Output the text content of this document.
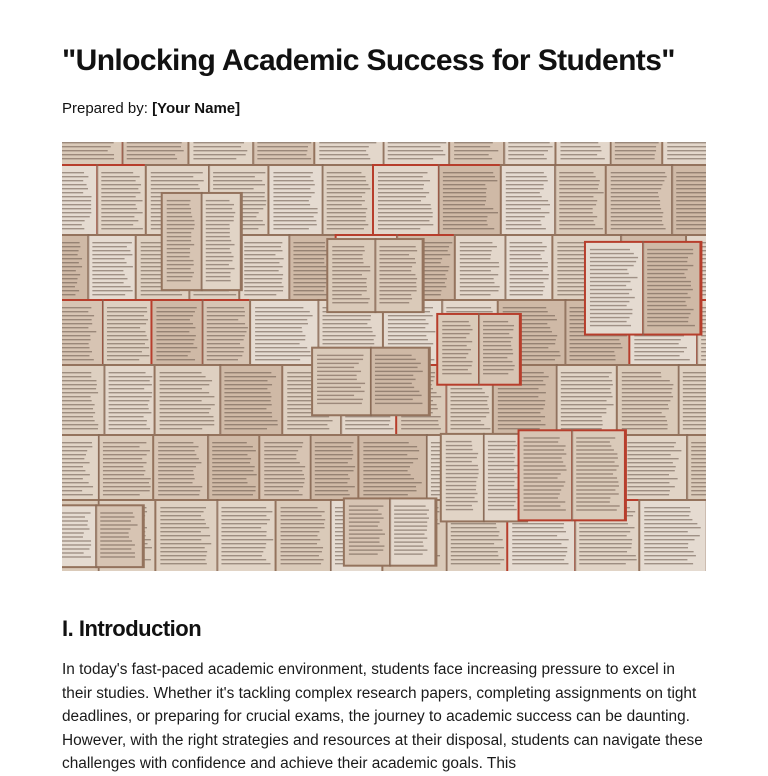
"Unlocking Academic Success for Students"
Prepared by: [Your Name]
I. Introduction

In today's fast-paced academic environment, students face increasing pressure to excel in their studies. Whether it's tackling complex research papers, completing assignments on tight deadlines, or preparing for crucial exams, the journey to academic success can be daunting. However, with the right strategies and resources at their disposal, students can navigate these challenges with confidence and achieve their academic goals. This
